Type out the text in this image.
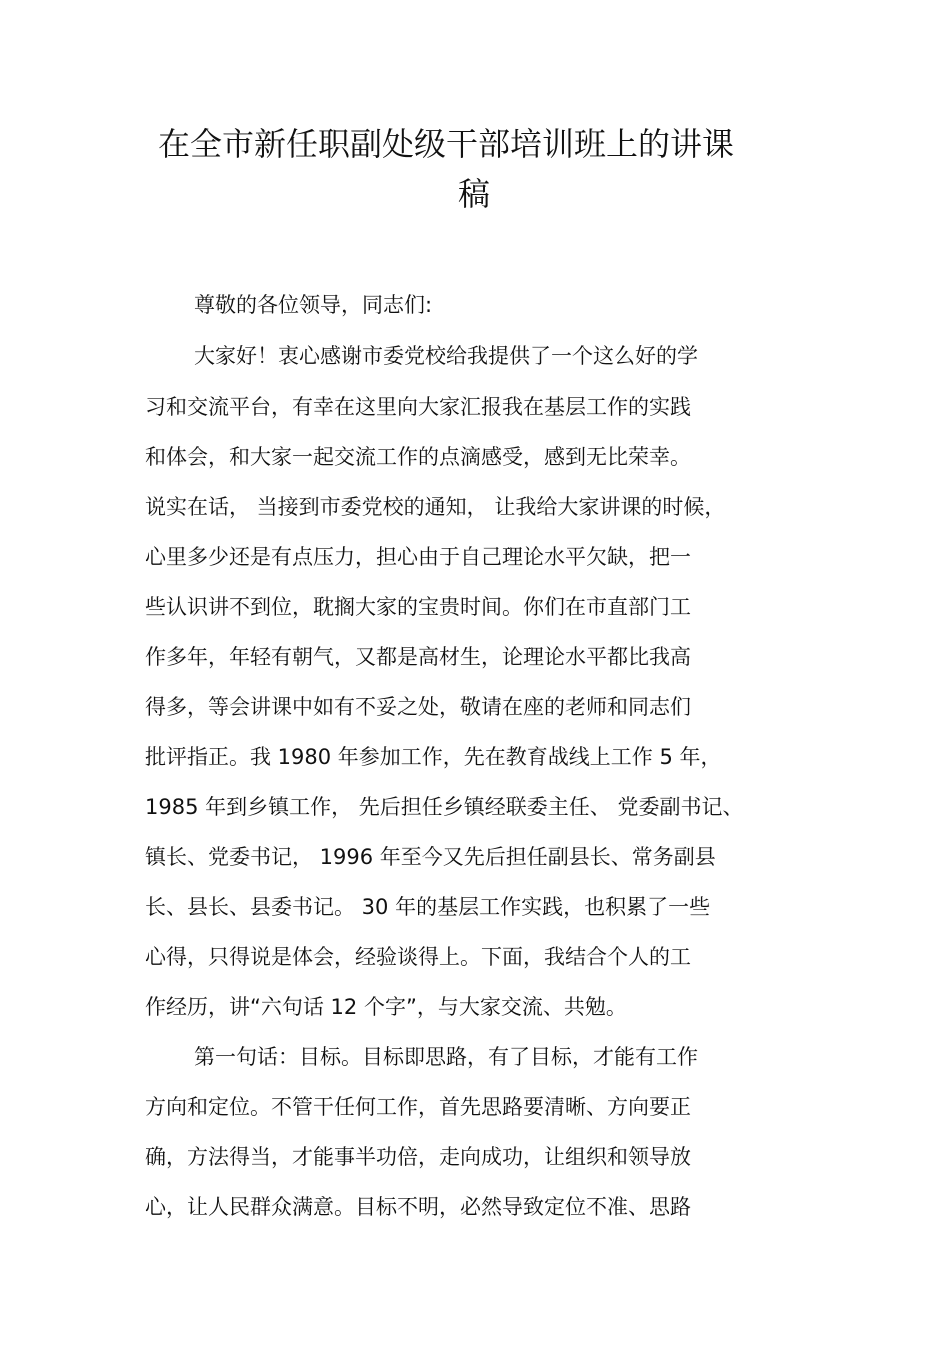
在全市新任职副处级干部培训班上的讲课
稿
尊敬的各位领导，同志们:
大家好！衷心感谢市委党校给我提供了一个这么好的学
习和交流平台，有幸在这里向大家汇报我在基层工作的实践
和体会，和大家一起交流工作的点滴感受，感到无比荣幸。
说实在话， 当接到市委党校的通知， 让我给大家讲课的时候，
心里多少还是有点压力，担心由于自己理论水平欠缺，把一
些认识讲不到位，耽搁大家的宝贵时间。你们在市直部门工
作多年，年轻有朝气，又都是高材生，论理论水平都比我高
得多，等会讲课中如有不妥之处，敬请在座的老师和同志们
批评指正。我 1980 年参加工作，先在教育战线上工作 5 年，
1985 年到乡镇工作， 先后担任乡镇经联委主任、 党委副书记、
镇长、党委书记， 1996 年至今又先后担任副县长、常务副县
长、县长、县委书记。 30 年的基层工作实践，也积累了一些
心得，只得说是体会，经验谈得上。下面，我结合个人的工
作经历，讲“六句话 12 个字”，与大家交流、共勉。
第一句话：目标。目标即思路，有了目标，才能有工作
方向和定位。不管干任何工作，首先思路要清晰、方向要正
确，方法得当，才能事半功倍，走向成功，让组织和领导放
心，让人民群众满意。目标不明，必然导致定位不准、思路
